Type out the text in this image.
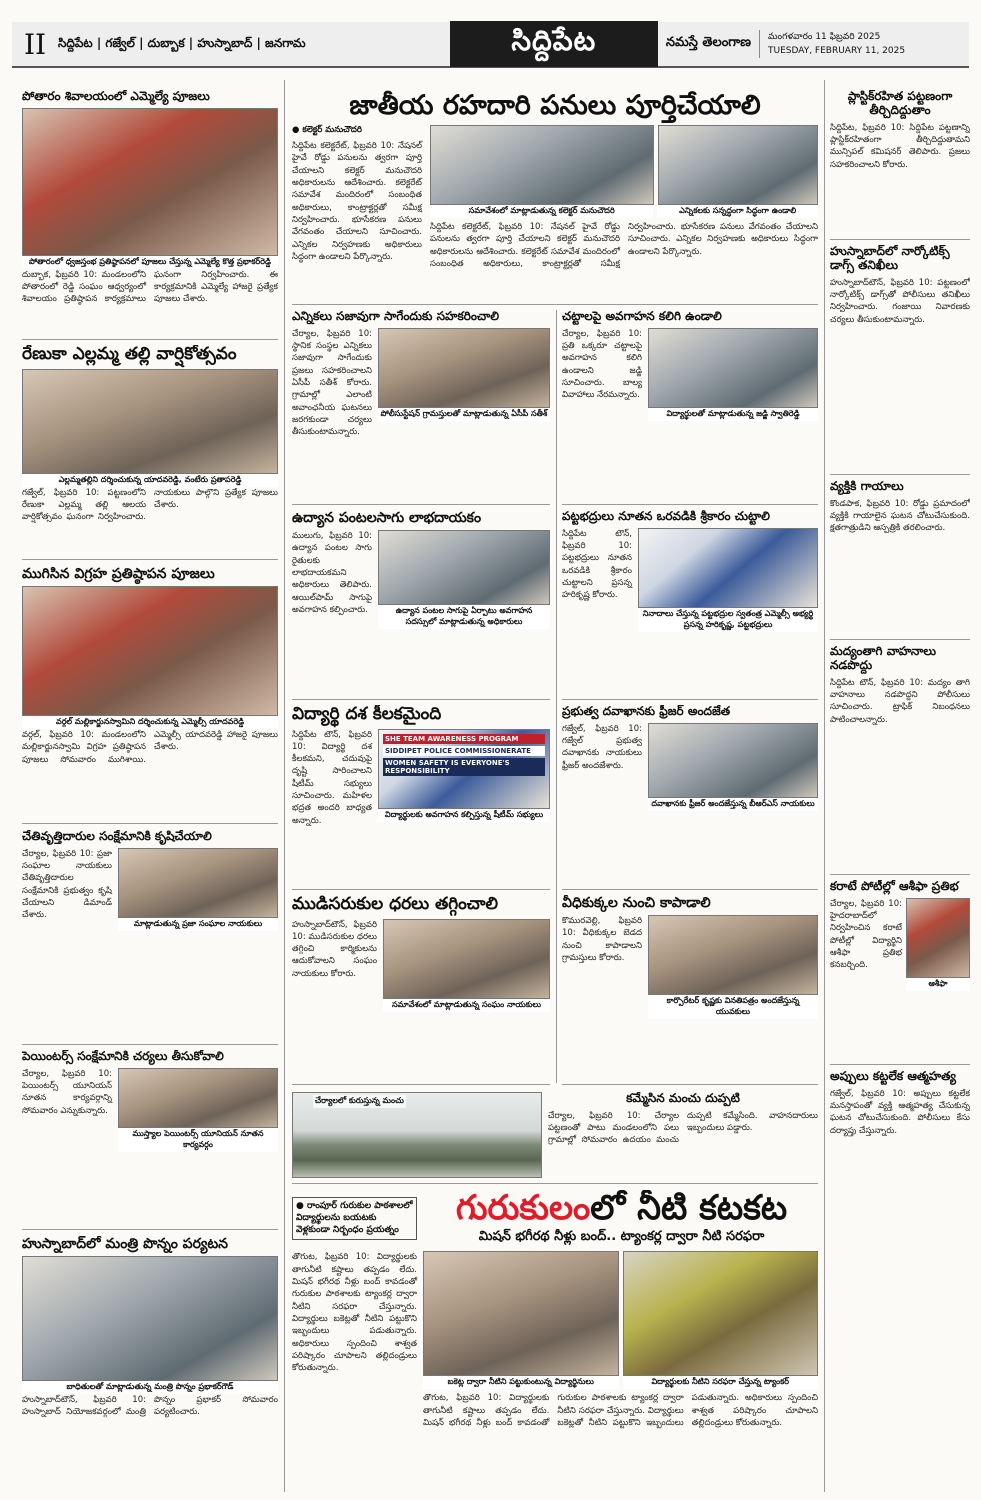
II సిద్దిపేట | గజ్వేల్ | దుబ్బాక | హుస్నాబాద్ | జనగామ	సిద్దిపేట	నమస్తే తెలంగాణ	మంగళవారం 11 ఫిబ్రవరి 2025
TUESDAY, FEBRUARY 11, 2025
పోతారం శివాలయంలో ఎమ్మెల్యే పూజలు
పోతారంలో ధ్వజస్తంభ ప్రతిష్ఠాపనలో పూజలు చేస్తున్న ఎమ్మెల్యే కొత్త ప్రభాకర్‌రెడ్డి
దుబ్బాక, ఫిబ్రవరి 10: మండలంలోని పోతారంలో రెడ్డి సంఘం ఆధ్వర్యంలో శివాలయం ప్రతిష్ఠాపన కార్యక్రమాలు ఘనంగా నిర్వహించారు. ఈ కార్యక్రమానికి ఎమ్మెల్యే హాజరై ప్రత్యేక పూజలు చేశారు.
రేణుకా ఎల్లమ్మ తల్లి వార్షికోత్సవం
ఎల్లమ్మతల్లిని దర్శించుకున్న యాదవరెడ్డి, వంటేరు ప్రతాపరెడ్డి
గజ్వేల్, ఫిబ్రవరి 10: పట్టణంలోని రేణుకా ఎల్లమ్మ తల్లి ఆలయ వార్షికోత్సవం ఘనంగా నిర్వహించారు. నాయకులు పాల్గొని ప్రత్యేక పూజలు చేశారు.
ముగిసిన విగ్రహ ప్రతిష్ఠాపన పూజలు
వర్గల్ మల్లికార్జునస్వామిని దర్శించుకున్న ఎమ్మెల్సీ యాదవరెడ్డి
వర్గల్, ఫిబ్రవరి 10: మండలంలోని మల్లికార్జునస్వామి విగ్రహ ప్రతిష్ఠాపన పూజలు సోమవారం ముగిశాయి. ఎమ్మెల్సీ యాదవరెడ్డి హాజరై పూజలు చేశారు.
చేతివృత్తిదారుల సంక్షేమానికి కృషిచేయాలి
చేర్యాల, ఫిబ్రవరి 10: ప్రజా సంఘాల నాయకులు చేతివృత్తిదారుల సంక్షేమానికి ప్రభుత్వం కృషి చేయాలని డిమాండ్ చేశారు.
మాట్లాడుతున్న ప్రజా సంఘాల నాయకులు
పెయింటర్స్ సంక్షేమానికి చర్యలు తీసుకోవాలి
చేర్యాల, ఫిబ్రవరి 10: పెయింటర్స్ యూనియన్ నూతన కార్యవర్గాన్ని సోమవారం ఎన్నుకున్నారు.
ముస్త్యాల పెయింటర్స్ యూనియన్ నూతన కార్యవర్గం
హుస్నాబాద్‌లో మంత్రి పొన్నం పర్యటన
బాధితులతో మాట్లాడుతున్న మంత్రి పొన్నం ప్రభాకర్‌గౌడ్
హుస్నాబాద్‌టౌన్, ఫిబ్రవరి 10: హుస్నాబాద్ నియోజకవర్గంలో మంత్రి పొన్నం ప్రభాకర్ సోమవారం పర్యటించారు.
జాతీయ రహదారి పనులు పూర్తిచేయాలి
● కలెక్టర్ మనుచౌదరి
సిద్దిపేట కలెక్టరేట్, ఫిబ్రవరి 10: నేషనల్ హైవే రోడ్డు పనులను త్వరగా పూర్తి చేయాలని కలెక్టర్ మనుచౌదరి అధికారులను ఆదేశించారు. కలెక్టరేట్ సమావేశ మందిరంలో సంబంధిత అధికారులు, కాంట్రాక్టర్లతో సమీక్ష నిర్వహించారు. భూసేకరణ పనులు వేగవంతం చేయాలని సూచించారు. ఎన్నికల నిర్వహణకు అధికారులు సిద్ధంగా ఉండాలని పేర్కొన్నారు.
సమావేశంలో మాట్లాడుతున్న కలెక్టర్ మనుచౌదరి	ఎన్నికలకు సన్నద్ధంగా సిద్ధంగా ఉండాలి
సిద్దిపేట కలెక్టరేట్, ఫిబ్రవరి 10: నేషనల్ హైవే రోడ్డు పనులను త్వరగా పూర్తి చేయాలని కలెక్టర్ మనుచౌదరి అధికారులను ఆదేశించారు. కలెక్టరేట్ సమావేశ మందిరంలో సంబంధిత అధికారులు, కాంట్రాక్టర్లతో సమీక్ష నిర్వహించారు. భూసేకరణ పనులు వేగవంతం చేయాలని సూచించారు. ఎన్నికల నిర్వహణకు అధికారులు సిద్ధంగా ఉండాలని పేర్కొన్నారు.
ఎన్నికలు సజావుగా సాగేందుకు సహకరించాలి
చేర్యాల, ఫిబ్రవరి 10: స్థానిక సంస్థల ఎన్నికలు సజావుగా సాగేందుకు ప్రజలు సహకరించాలని ఏసీపీ సతీశ్ కోరారు. గ్రామాల్లో ఎలాంటి అవాంఛనీయ ఘటనలు జరగకుండా చర్యలు తీసుకుంటామన్నారు.
పోలీసుస్టేషన్ గ్రామస్తులతో మాట్లాడుతున్న ఏసీపీ సతీశ్
ఉద్యాన పంటలసాగు లాభదాయకం
ములుగు, ఫిబ్రవరి 10: ఉద్యాన పంటల సాగు రైతులకు లాభదాయకమని అధికారులు తెలిపారు. ఆయిల్‌పామ్ సాగుపై అవగాహన కల్పించారు.	ఉద్యాన పంటల సాగుపై ఏర్పాటు అవగాహన సదస్సులో మాట్లాడుతున్న అధికారులు
విద్యార్థి దశ కీలకమైంది
సిద్దిపేట టౌన్, ఫిబ్రవరి 10: విద్యార్థి దశ కీలకమని, చదువుపై దృష్టి సారించాలని షీటీమ్ సభ్యులు సూచించారు. మహిళల భద్రత అందరి బాధ్యత అన్నారు.
SHE TEAM AWARENESS PROGRAM
SIDDIPET POLICE COMMISSIONERATE
WOMEN SAFETY IS EVERYONE'S RESPONSIBILITY
విద్యార్థులకు అవగాహన కల్పిస్తున్న షీటీమ్ సభ్యులు
ముడిసరుకుల ధరలు తగ్గించాలి
హుస్నాబాద్‌టౌన్, ఫిబ్రవరి 10: ముడిసరుకుల ధరలు తగ్గించి కార్మికులను ఆదుకోవాలని సంఘం నాయకులు కోరారు.
సమావేశంలో మాట్లాడుతున్న సంఘం నాయకులు
చట్టాలపై అవగాహన కలిగి ఉండాలి
చేర్యాల, ఫిబ్రవరి 10: ప్రతి ఒక్కరూ చట్టాలపై అవగాహన కలిగి ఉండాలని జడ్జి సూచించారు. బాల్య వివాహాలు నేరమన్నారు.
విద్యార్థులతో మాట్లాడుతున్న జడ్జి స్వాతిరెడ్డి
పట్టభద్రులు నూతన ఒరవడికి శ్రీకారం చుట్టాలి
సిద్దిపేట టౌన్, ఫిబ్రవరి 10: పట్టభద్రులు నూతన ఒరవడికి శ్రీకారం చుట్టాలని ప్రసన్న హరికృష్ణ కోరారు.
నినాదాలు చేస్తున్న పట్టభద్రుల స్వతంత్ర ఎమ్మెల్సీ అభ్యర్థి ప్రసన్న హరికృష్ణ, పట్టభద్రులు
ప్రభుత్వ దవాఖానకు ఫ్రీజర్ అందజేత
గజ్వేల్, ఫిబ్రవరి 10: గజ్వేల్ ప్రభుత్వ దవాఖానకు నాయకులు ఫ్రీజర్ అందజేశారు.
దవాఖానకు ఫ్రీజర్ అందజేస్తున్న బీఆర్‌ఎస్ నాయకులు
వీధికుక్కల నుంచి కాపాడాలి
కొమురవెల్లి, ఫిబ్రవరి 10: వీధికుక్కల బెడద నుంచి కాపాడాలని గ్రామస్తులు కోరారు.
కార్పొరేటర్ కృష్ణకు వినతిపత్రం అందజేస్తున్న యువకులు
చేర్యాలలో కురుస్తున్న మంచు	కమ్మేసిన మంచు దుప్పటి
చేర్యాల, ఫిబ్రవరి 10: చేర్యాల పట్టణంతో పాటు మండలంలోని పలు గ్రామాల్లో సోమవారం ఉదయం మంచు దుప్పటి కమ్మేసింది. వాహనదారులు ఇబ్బందులు పడ్డారు.
● రాంపూర్ గురుకుల పాఠశాలలో విద్యార్థులను బయటకు వెళ్లకుండా నిర్బంధం ప్రయత్నం
గురుకులంలో నీటి కటకట
మిషన్ భగీరథ నీళ్లు బంద్.. ట్యాంకర్ల ద్వారా నీటి సరఫరా
తొగుట, ఫిబ్రవరి 10: విద్యార్థులకు తాగునీటి కష్టాలు తప్పడం లేదు. మిషన్ భగీరథ నీళ్లు బంద్ కావడంతో గురుకుల పాఠశాలకు ట్యాంకర్ల ద్వారా నీటిని సరఫరా చేస్తున్నారు. విద్యార్థులు బకెట్లతో నీటిని పట్టుకొని ఇబ్బందులు పడుతున్నారు. అధికారులు స్పందించి శాశ్వత పరిష్కారం చూపాలని తల్లిదండ్రులు కోరుతున్నారు.
బకెట్ల ద్వారా నీటిని పట్టుకుంటున్న విద్యార్థినులు	విద్యార్థులకు నీటిని సరఫరా చేస్తున్న ట్యాంకర్
తొగుట, ఫిబ్రవరి 10: విద్యార్థులకు తాగునీటి కష్టాలు తప్పడం లేదు. మిషన్ భగీరథ నీళ్లు బంద్ కావడంతో గురుకుల పాఠశాలకు ట్యాంకర్ల ద్వారా నీటిని సరఫరా చేస్తున్నారు. విద్యార్థులు బకెట్లతో నీటిని పట్టుకొని ఇబ్బందులు పడుతున్నారు. అధికారులు స్పందించి శాశ్వత పరిష్కారం చూపాలని తల్లిదండ్రులు కోరుతున్నారు.
ప్లాస్టిక్‌రహిత పట్టణంగా తీర్చిదిద్దుతాం
సిద్దిపేట, ఫిబ్రవరి 10: సిద్దిపేట పట్టణాన్ని ప్లాస్టిక్‌రహితంగా తీర్చిదిద్దుతామని మున్సిపల్ కమిషనర్ తెలిపారు. ప్రజలు సహకరించాలని కోరారు.
హుస్నాబాద్‌లో నార్కోటిక్స్ డాగ్స్ తనిఖీలు
హుస్నాబాద్‌టౌన్, ఫిబ్రవరి 10: పట్టణంలో నార్కోటిక్స్ డాగ్స్‌తో పోలీసులు తనిఖీలు నిర్వహించారు. గంజాయి నివారణకు చర్యలు తీసుకుంటామన్నారు.
వ్యక్తికి గాయాలు
కొండపాక, ఫిబ్రవరి 10: రోడ్డు ప్రమాదంలో వ్యక్తికి గాయాలైన ఘటన చోటుచేసుకుంది. క్షతగాత్రుడిని ఆస్పత్రికి తరలించారు.
మద్యంతాగి వాహనాలు నడపొద్దు
సిద్దిపేట టౌన్, ఫిబ్రవరి 10: మద్యం తాగి వాహనాలు నడపొద్దని పోలీసులు సూచించారు. ట్రాఫిక్ నిబంధనలు పాటించాలన్నారు.
కరాటే పోటీల్లో ఆశీఫా ప్రతిభ
చేర్యాల, ఫిబ్రవరి 10: హైదరాబాద్‌లో నిర్వహించిన కరాటే పోటీల్లో విద్యార్థిని ఆశీఫా ప్రతిభ కనబర్చింది.
ఆశీఫా
అప్పులు కట్టలేక ఆత్మహత్య
గజ్వేల్, ఫిబ్రవరి 10: అప్పులు కట్టలేక మనస్తాపంతో వ్యక్తి ఆత్మహత్య చేసుకున్న ఘటన చోటుచేసుకుంది. పోలీసులు కేసు దర్యాప్తు చేస్తున్నారు.
